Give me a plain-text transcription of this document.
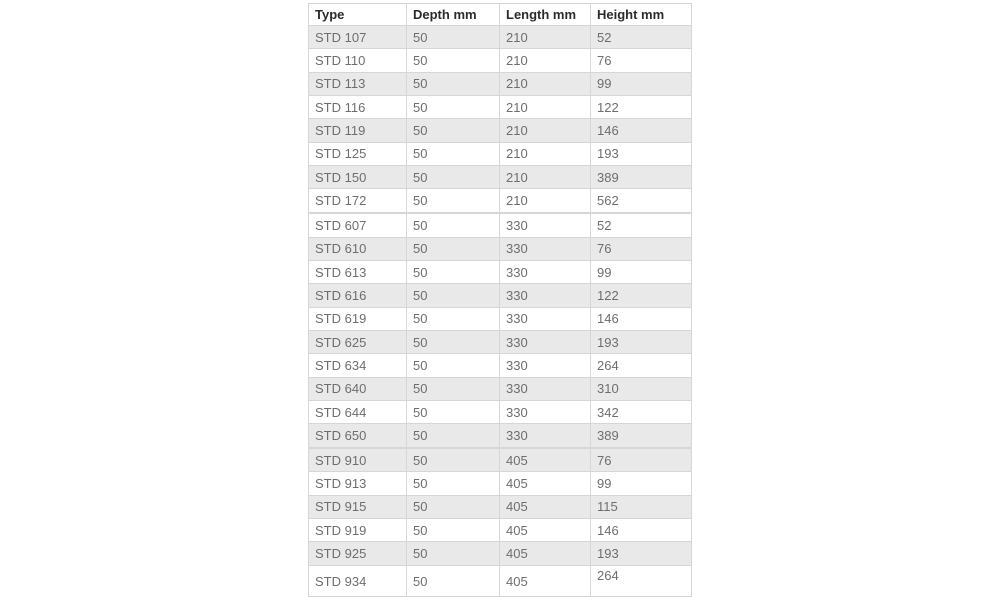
Type	Depth mm	Length mm	Height mm
STD 107	50	210	52
STD 110	50	210	76
STD 113	50	210	99
STD 116	50	210	122
STD 119	50	210	146
STD 125	50	210	193
STD 150	50	210	389
STD 172	50	210	562

STD 607	50	330	52
STD 610	50	330	76
STD 613	50	330	99
STD 616	50	330	122
STD 619	50	330	146
STD 625	50	330	193
STD 634	50	330	264
STD 640	50	330	310
STD 644	50	330	342
STD 650	50	330	389

STD 910	50	405	76
STD 913	50	405	99
STD 915	50	405	115
STD 919	50	405	146
STD 925	50	405	193
STD 934	50	405	264
